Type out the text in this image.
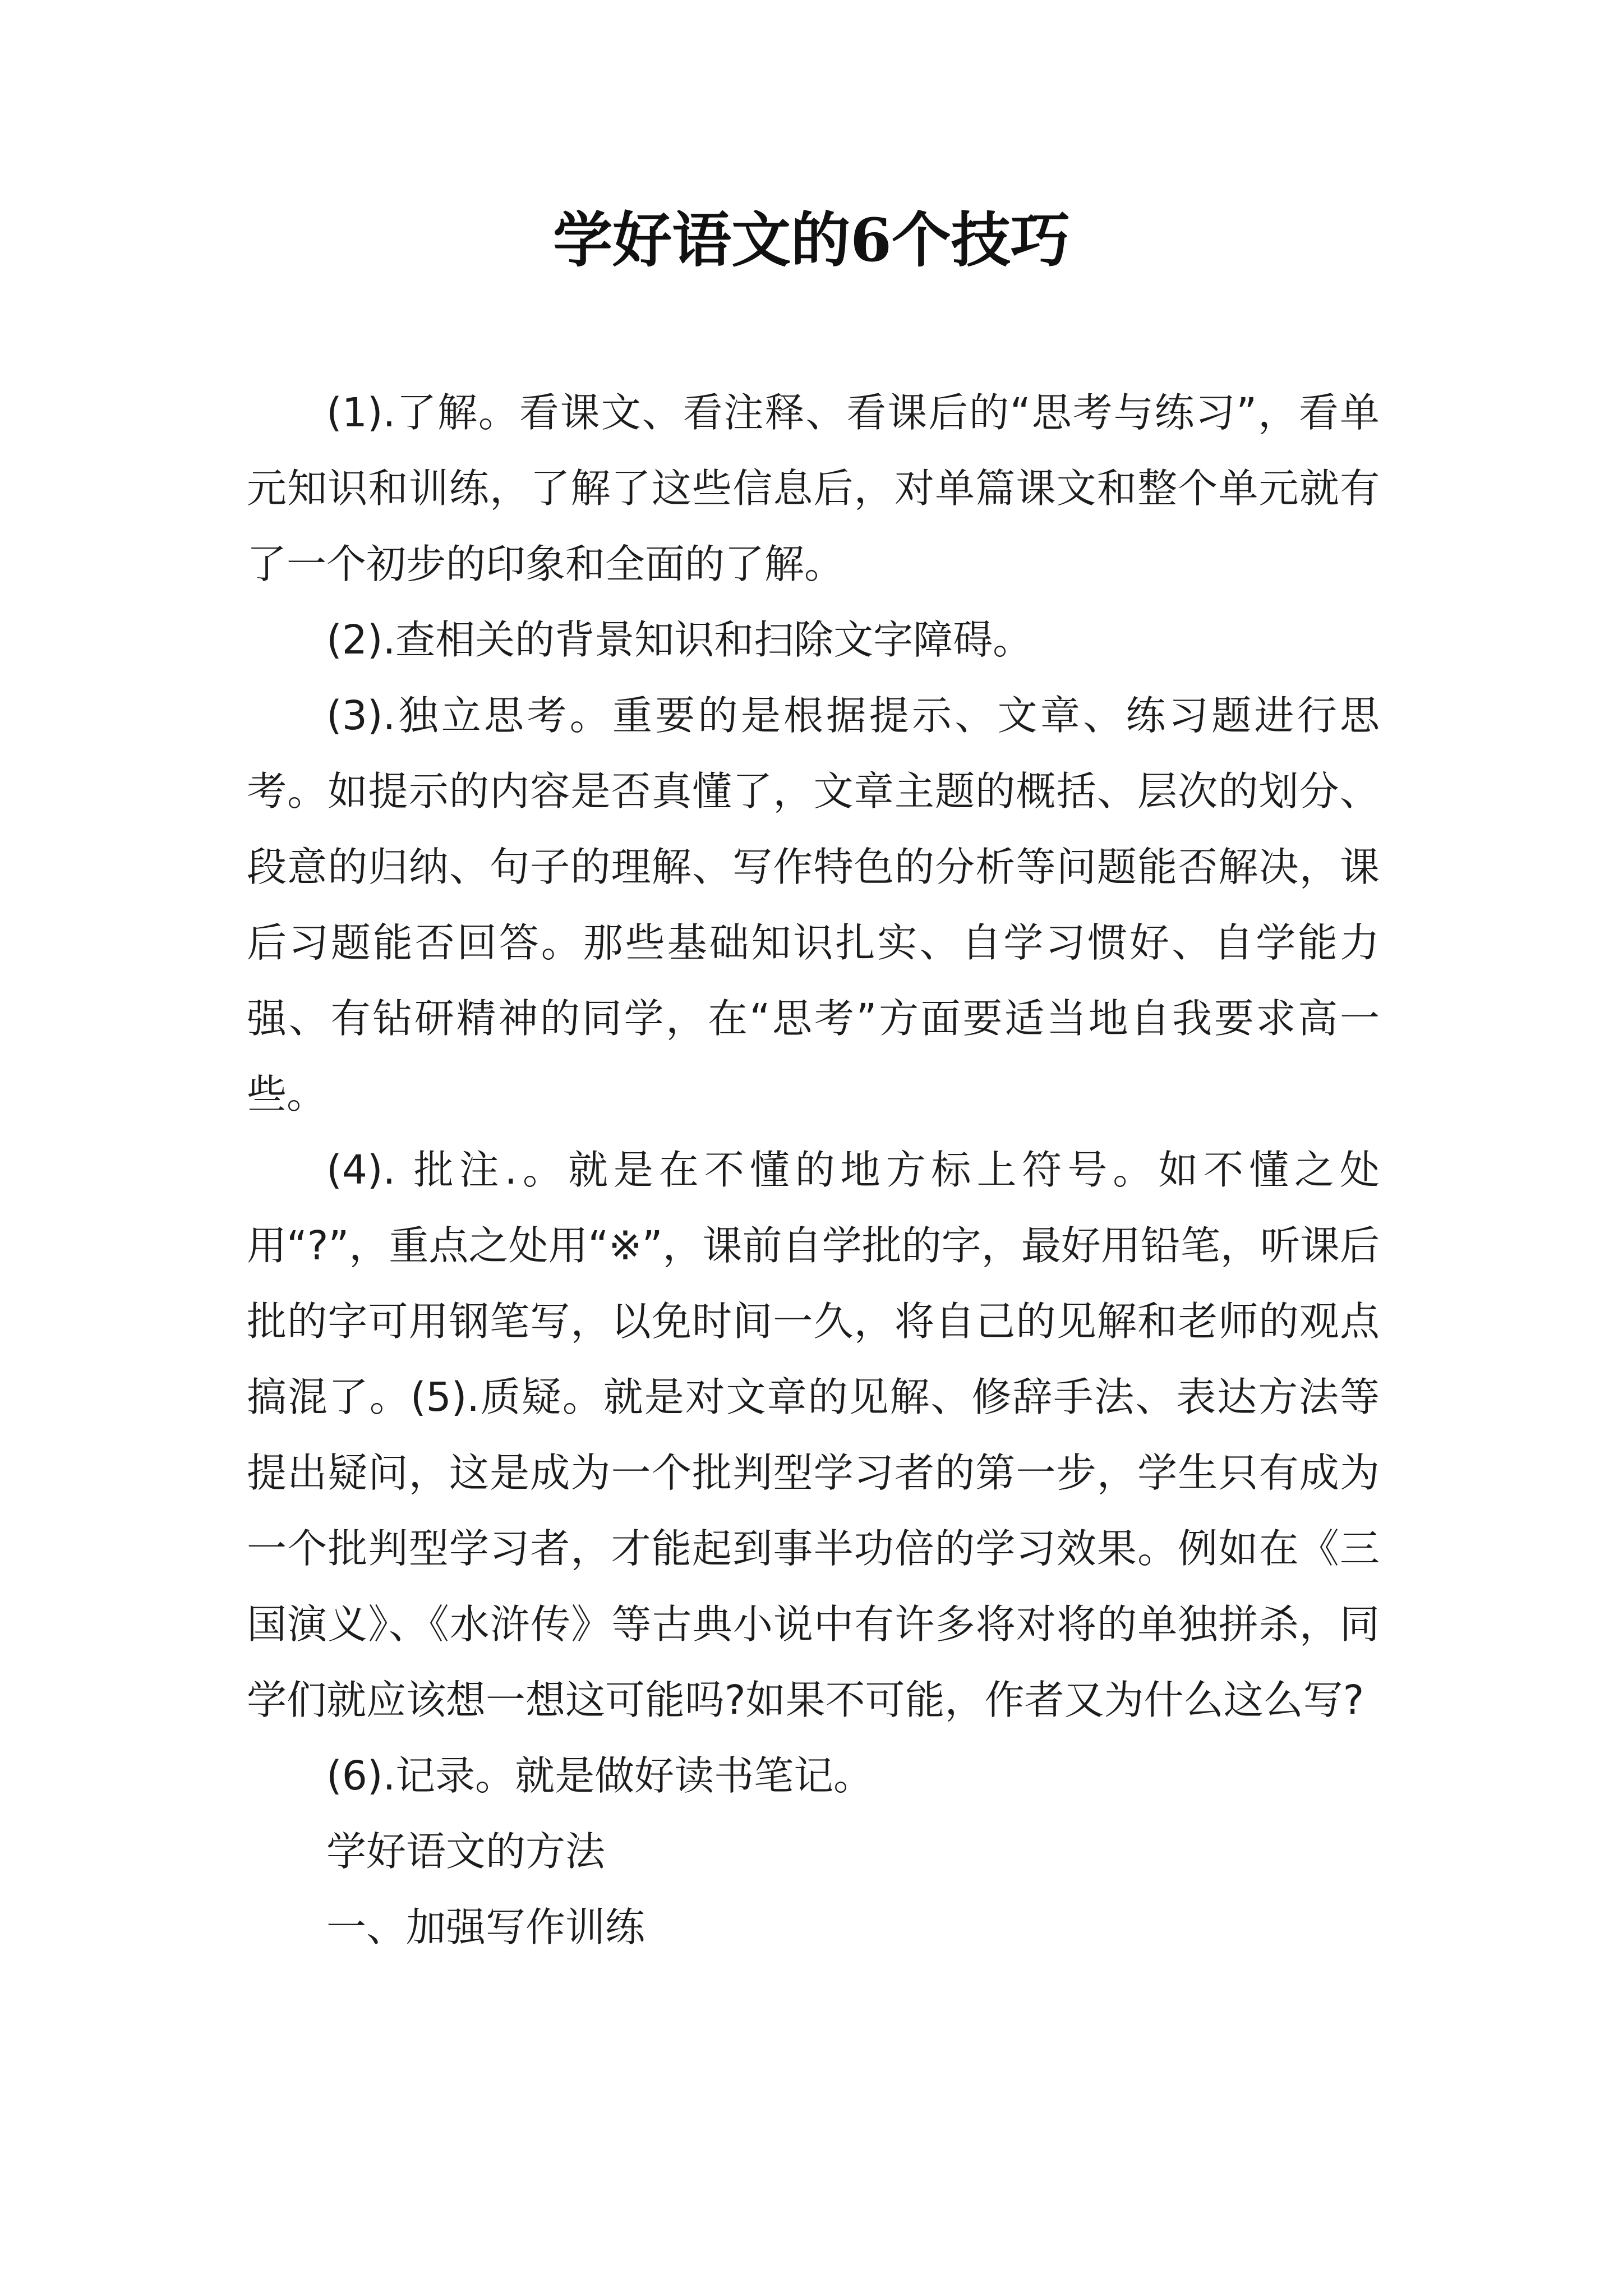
学好语文的6个技巧

(1).了解。看课文、看注释、看课后的“思考与练习”，看单元知识和训练，了解了这些信息后，对单篇课文和整个单元就有了一个初步的印象和全面的了解。

(2).查相关的背景知识和扫除文字障碍。

(3).独立思考。重要的是根据提示、文章、练习题进行思考。如提示的内容是否真懂了，文章主题的概括、层次的划分、段意的归纳、句子的理解、写作特色的分析等问题能否解决，课后习题能否回答。那些基础知识扎实、自学习惯好、自学能力强、有钻研精神的同学，在“思考”方面要适当地自我要求高一些。

(4). 批注.。就是在不懂的地方标上符号。如不懂之处用“?”，重点之处用“※”，课前自学批的字，最好用铅笔，听课后批的字可用钢笔写，以免时间一久，将自己的见解和老师的观点搞混了。(5).质疑。就是对文章的见解、修辞手法、表达方法等提出疑问，这是成为一个批判型学习者的第一步，学生只有成为一个批判型学习者，才能起到事半功倍的学习效果。例如在《三国演义》、《水浒传》等古典小说中有许多将对将的单独拼杀，同学们就应该想一想这可能吗?如果不可能，作者又为什么这么写?

(6).记录。就是做好读书笔记。

学好语文的方法

一、加强写作训练
